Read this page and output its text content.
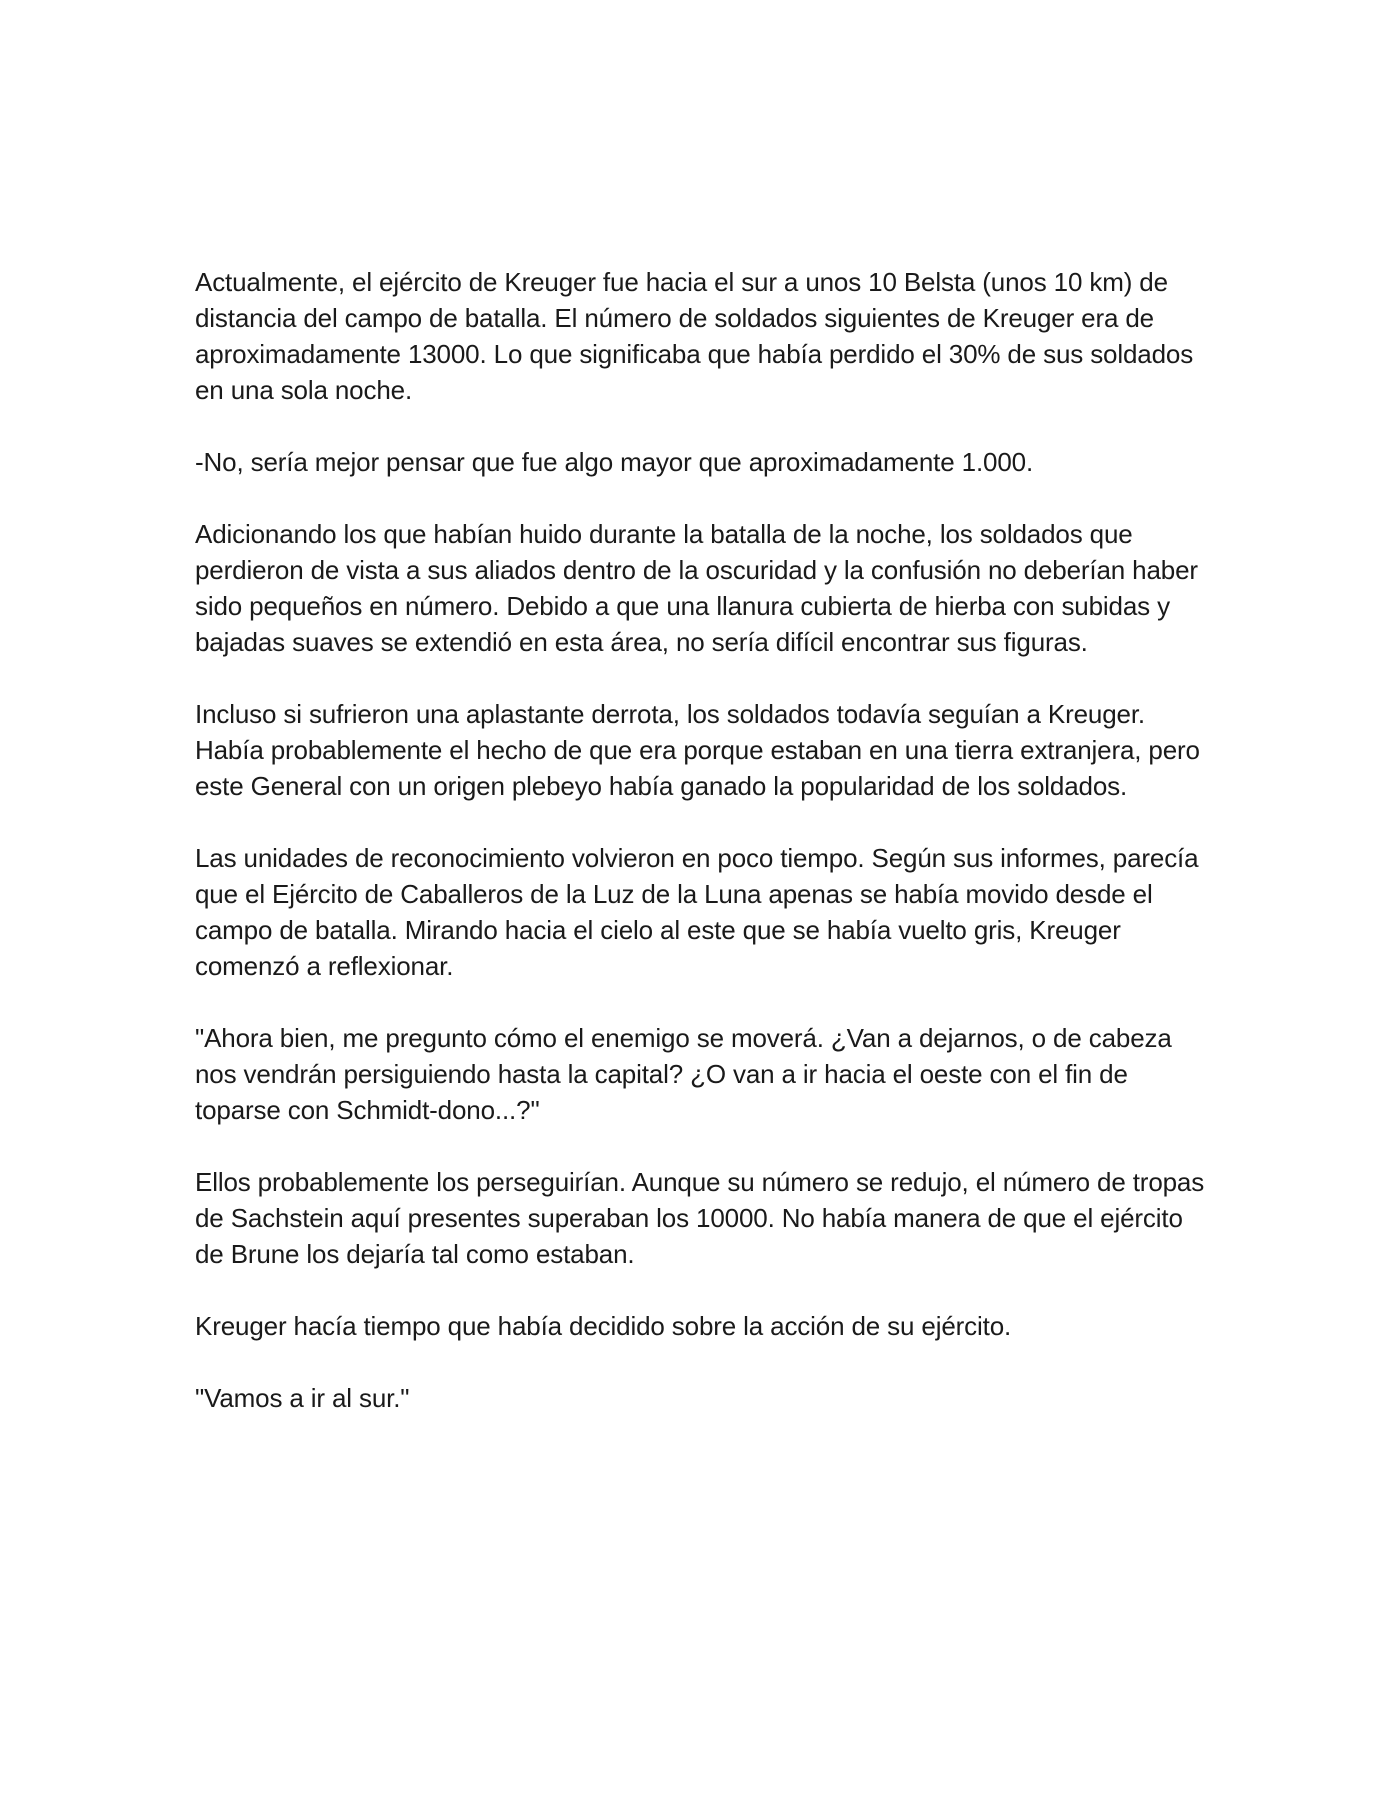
Actualmente, el ejército de Kreuger fue hacia el sur a unos 10 Belsta (unos 10 km) de distancia del campo de batalla. El número de soldados siguientes de Kreuger era de aproximadamente 13000. Lo que significaba que había perdido el 30% de sus soldados en una sola noche.

-No, sería mejor pensar que fue algo mayor que aproximadamente 1.000.

Adicionando los que habían huido durante la batalla de la noche, los soldados que perdieron de vista a sus aliados dentro de la oscuridad y la confusión no deberían haber sido pequeños en número. Debido a que una llanura cubierta de hierba con subidas y bajadas suaves se extendió en esta área, no sería difícil encontrar sus figuras.

Incluso si sufrieron una aplastante derrota, los soldados todavía seguían a Kreuger. Había probablemente el hecho de que era porque estaban en una tierra extranjera, pero este General con un origen plebeyo había ganado la popularidad de los soldados.

Las unidades de reconocimiento volvieron en poco tiempo. Según sus informes, parecía que el Ejército de Caballeros de la Luz de la Luna apenas se había movido desde el campo de batalla. Mirando hacia el cielo al este que se había vuelto gris, Kreuger comenzó a reflexionar.

"Ahora bien, me pregunto cómo el enemigo se moverá. ¿Van a dejarnos, o de cabeza nos vendrán persiguiendo hasta la capital? ¿O van a ir hacia el oeste con el fin de toparse con Schmidt-dono...?"

Ellos probablemente los perseguirían. Aunque su número se redujo, el número de tropas de Sachstein aquí presentes superaban los 10000. No había manera de que el ejército de Brune los dejaría tal como estaban.

Kreuger hacía tiempo que había decidido sobre la acción de su ejército.

"Vamos a ir al sur."
